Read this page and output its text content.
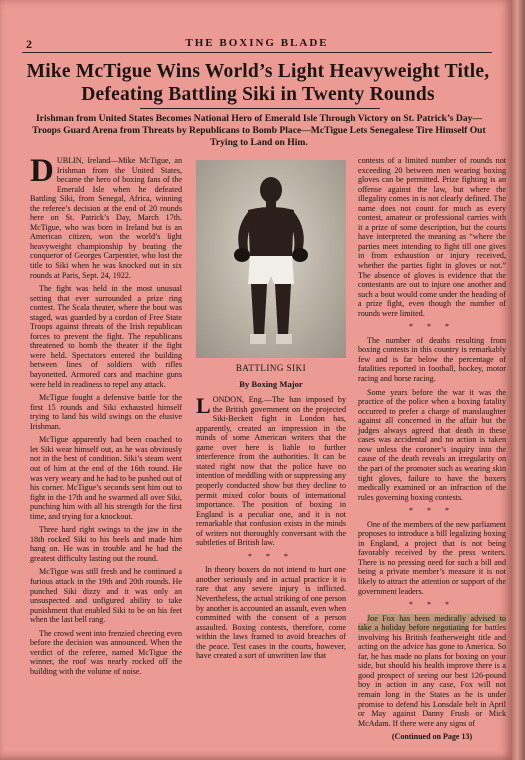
2	THE BOXING BLADE
Mike McTigue Wins World’s Light Heavyweight Title, Defeating Battling Siki in Twenty Rounds
Irishman from United States Becomes National Hero of Emerald Isle Through Victory on St. Patrick’s Day—Troops Guard Arena from Threats by Republicans to Bomb Place—McTigue Lets Senegalese Tire Himself Out Trying to Land on Him.

DUBLIN, Ireland—Mike McTigue, an Irishman from the United States, became the hero of boxing fans of the Emerald Isle when he defeated Battling Siki, from Senegal, Africa, winning the referee’s decision at the end of 20 rounds here on St. Patrick’s Day, March 17th. McTigue, who was born in Ireland but is an American citizen, won the world’s light heavyweight championship by beating the conqueror of Georges Carpentier, who lost the title to Siki when he was knocked out in six rounds at Paris, Sept. 24, 1922.

The fight was held in the most unusual setting that ever surrounded a prize ring contest. The Scala theater, where the bout was staged, was guarded by a cordon of Free State Troops against threats of the Irish republican forces to prevent the fight. The republicans threatened to bomb the theater if the fight were held. Spectators entered the building between lines of soldiers with rifles bayonetted. Armored cars and machine guns were held in readiness to repel any attack.

McTigue fought a defensive battle for the first 15 rounds and Siki exhausted himself trying to land his wild swings on the elusive Irishman.

McTigue apparently had been coached to let Siki wear himself out, as he was obviously not in the best of condition. Siki’s steam went out of him at the end of the 16th round. He was very weary and he had to be pushed out of his corner. McTigue’s seconds sent him out to fight in the 17th and he swarmed all over Siki, punching him with all his strength for the first time, and trying for a knockout.

Three hard right swings to the jaw in the 18th rocked Siki to his heels and made him hang on. He was in trouble and he had the greatest difficulty lasting out the round.

McTigue was still fresh and he continued a furious attack in the 19th and 20th rounds. He punched Siki dizzy and it was only an unsuspected and unfigured ability to take punishment that enabled Siki to be on his feet when the last bell rang.

The crowd went into frenzied cheering even before the decision was announced. When the verdict of the referee, named McTigue the winner, the roof was nearly rocked off the building with the volume of noise.

BATTLING SIKI
By Boxing Major

LONDON, Eng.—The ban imposed by the British government on the projected Siki-Beckett fight in London has, apparently, created an impression in the minds of some American writers that the game over here is liable to further interference from the authorities. It can be stated right now that the police have no intention of meddling with or suppressing any properly conducted show but they decline to permit mixed color bouts of international importance. The position of boxing in England is a peculiar one, and it is not remarkable that confusion exists in the minds of writers not thoroughly conversant with the subtleties of British law.

* * *

In theory boxers do not intend to hurt one another seriously and in actual practice it is rare that any severe injury is inflicted. Nevertheless, the actual striking of one person by another is accounted an assault, even when committed with the consent of a person assaulted. Boxing contests, therefore, come within the laws framed to avoid breaches of the peace. Test cases in the courts, however, have created a sort of unwritten law that

contests of a limited number of rounds not exceeding 20 between men wearing boxing gloves can be permitted. Prize fighting is an offense against the law, but where the illegality comes in is not clearly defined. The name does not count for much as every contest, amateur or professional carries with it a prize of some description, but the courts have interpreted the meaning as “where the parties meet intending to fight till one gives in from exhaustion or injury received, whether the parties fight in gloves or not.” The absence of gloves is evidence that the contestants are out to injure one another and such a bout would come under the heading of a prize fight, even though the number of rounds were limited.

* * *

The number of deaths resulting from boxing contests in this country is remarkably few and is far below the percentage of fatalities reported in football, hockey, motor racing and horse racing.

Some years before the war it was the practice of the police when a boxing fatality occurred to prefer a charge of manslaughter against all concerned in the affair but the judges always agreed that death in these cases was accidental and no action is taken now unless the coroner’s inquiry into the cause of the death reveals an irregularity on the part of the promoter such as wearing skin tight gloves, failure to have the boxers medically examined or an infraction of the rules governing boxing contests.

* * *

One of the members of the new parliament proposes to introduce a bill legalizing boxing in England, a project that is not being favorably received by the press writers. There is no pressing need for such a bill and being a private member’s measure it is not likely to attract the attention or support of the government leaders.

* * *

Joe Fox has been medically advised to take a holiday before negotiating for battles involving his British featherweight title and acting on the advice has gone to America. So far, he has made no plans for boxing on your side, but should his health improve there is a good prospect of seeing our best 126-pound boy in action in any case, Fox will not remain long in the States as he is under promise to defend his Lonsdale belt in April or May against Danny Frush or Mick McAdam. If there were any signs of

(Continued on Page 13)
